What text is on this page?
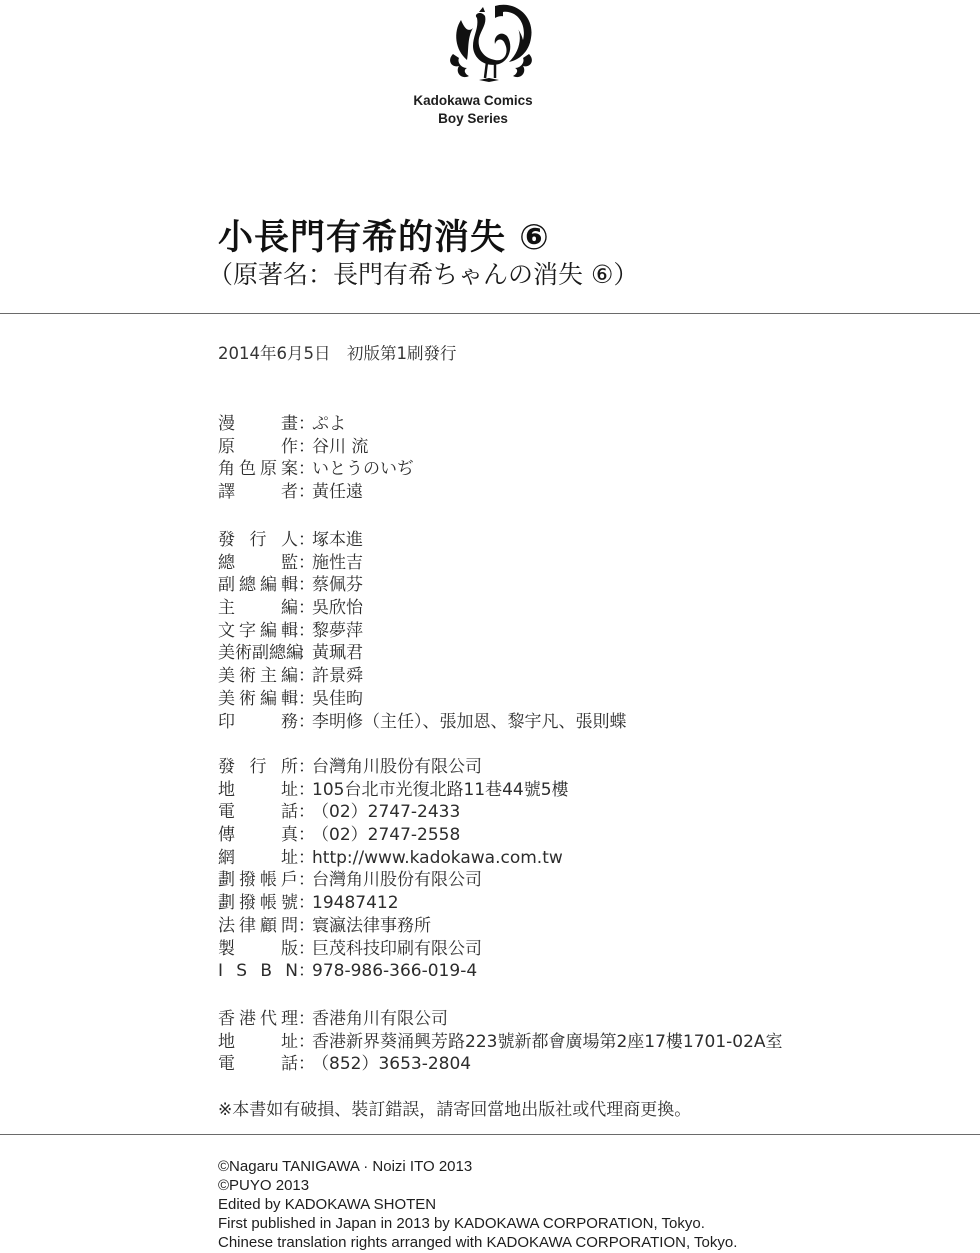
Kadokawa Comics
Boy Series
小長門有希的消失 ⑥
（原著名：長門有希ちゃんの消失 ⑥）
2014年6月5日　初版第1刷發行
漫	畫 ：
ぷよ
原	作 ：
谷川 流
角 色 原 案 ：
いとうのいぢ
譯	者 ：
黃任遠
發 行 人 ：
塚本進
總	監 ：
施性吉
副 總 編 輯 ：
蔡佩芬
主	編 ：
吳欣怡
文 字 編 輯 ：
黎夢萍
美 術 副 總 編
：
黃珮君
美 術 主 編 ：
許景舜
美 術 編 輯 ：
吳佳昫
印	務 ：
李明修（主任）、張加恩、黎宇凡、張則蝶
發 行 所 ：
台灣角川股份有限公司
地	址 ：
105台北市光復北路11巷44號5樓
電	話 ：
（02）2747-2433
傳	真 ：
（02）2747-2558
網	址 ：
http://www.kadokawa.com.tw
劃 撥 帳 戶 ：
台灣角川股份有限公司
劃 撥 帳 號 ：
19487412
法 律 顧 問 ：
寰瀛法律事務所
製	版 ：
巨茂科技印刷有限公司
I S B N ：
978-986-366-019-4
香 港 代 理 ：
香港角川有限公司
地	址 ：
香港新界葵涌興芳路223號新都會廣場第2座17樓1701-02A室
電	話 ：
（852）3653-2804
※本書如有破損、裝訂錯誤，請寄回當地出版社或代理商更換。
©Nagaru TANIGAWA · Noizi ITO 2013
©PUYO 2013
Edited by KADOKAWA SHOTEN
First published in Japan in 2013 by KADOKAWA CORPORATION, Tokyo.
Chinese translation rights arranged with KADOKAWA CORPORATION, Tokyo.
